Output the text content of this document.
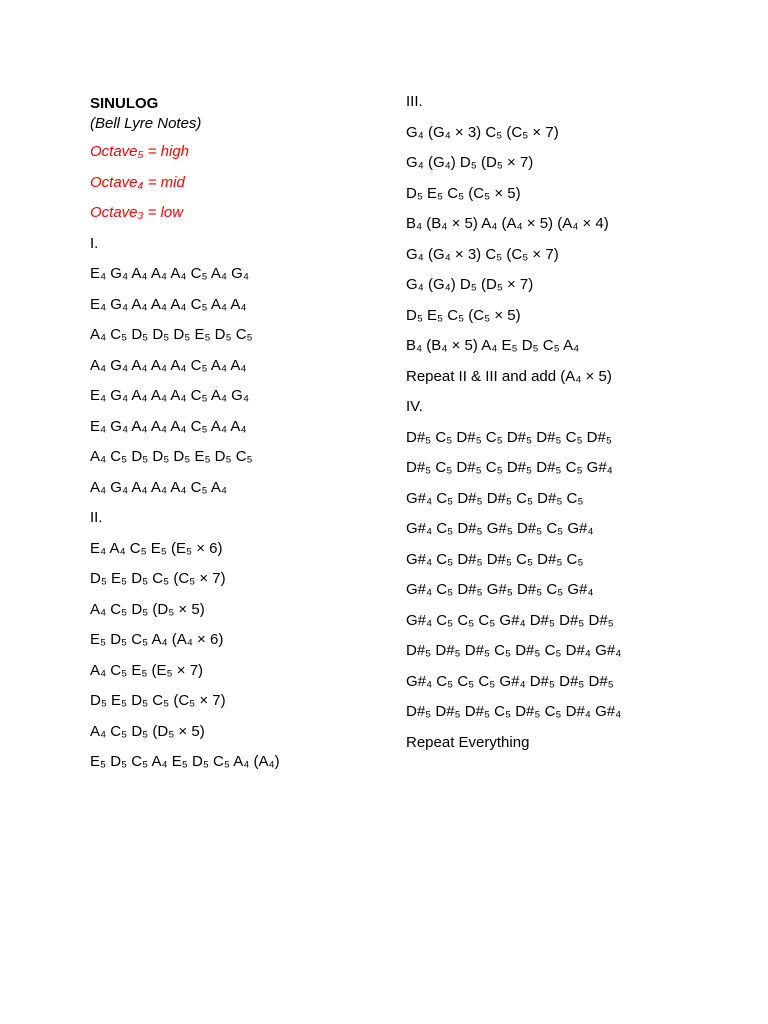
SINULOG
(Bell Lyre Notes)
Octave₅ = high
Octave₄ = mid
Octave₃ = low
I.
E₄ G₄ A₄ A₄ A₄ C₅ A₄ G₄
E₄ G₄ A₄ A₄ A₄ C₅ A₄ A₄
A₄ C₅ D₅ D₅ D₅ E₅ D₅ C₅
A₄ G₄ A₄ A₄ A₄ C₅ A₄ A₄
E₄ G₄ A₄ A₄ A₄ C₅ A₄ G₄
E₄ G₄ A₄ A₄ A₄ C₅ A₄ A₄
A₄ C₅ D₅ D₅ D₅ E₅ D₅ C₅
A₄ G₄ A₄ A₄ A₄ C₅ A₄
II.
E₄ A₄ C₅ E₅ (E₅ × 6)
D₅ E₅ D₅ C₅ (C₅ × 7)
A₄ C₅ D₅ (D₅ × 5)
E₅ D₅ C₅ A₄ (A₄ × 6)
A₄ C₅ E₅ (E₅ × 7)
D₅ E₅ D₅ C₅ (C₅ × 7)
A₄ C₅ D₅ (D₅ × 5)
E₅ D₅ C₅ A₄ E₅ D₅ C₅ A₄ (A₄)
III.
G₄ (G₄ × 3) C₅ (C₅ × 7)
G₄ (G₄) D₅ (D₅ × 7)
D₅ E₅ C₅ (C₅ × 5)
B₄ (B₄ × 5) A₄ (A₄ × 5) (A₄ × 4)
G₄ (G₄ × 3) C₅ (C₅ × 7)
G₄ (G₄) D₅ (D₅ × 7)
D₅ E₅ C₅ (C₅ × 5)
B₄ (B₄ × 5) A₄ E₅ D₅ C₅ A₄
Repeat II & III and add (A₄ × 5)
IV.
D#₅ C₅ D#₅ C₅ D#₅ D#₅ C₅ D#₅
D#₅ C₅ D#₅ C₅ D#₅ D#₅ C₅ G#₄
G#₄ C₅ D#₅ D#₅ C₅ D#₅ C₅
G#₄ C₅ D#₅ G#₅ D#₅ C₅ G#₄
G#₄ C₅ D#₅ D#₅ C₅ D#₅ C₅
G#₄ C₅ D#₅ G#₅ D#₅ C₅ G#₄
G#₄ C₅ C₅ C₅ G#₄ D#₅ D#₅ D#₅
D#₅ D#₅ D#₅ C₅ D#₅ C₅ D#₄ G#₄
G#₄ C₅ C₅ C₅ G#₄ D#₅ D#₅ D#₅
D#₅ D#₅ D#₅ C₅ D#₅ C₅ D#₄ G#₄
Repeat Everything
